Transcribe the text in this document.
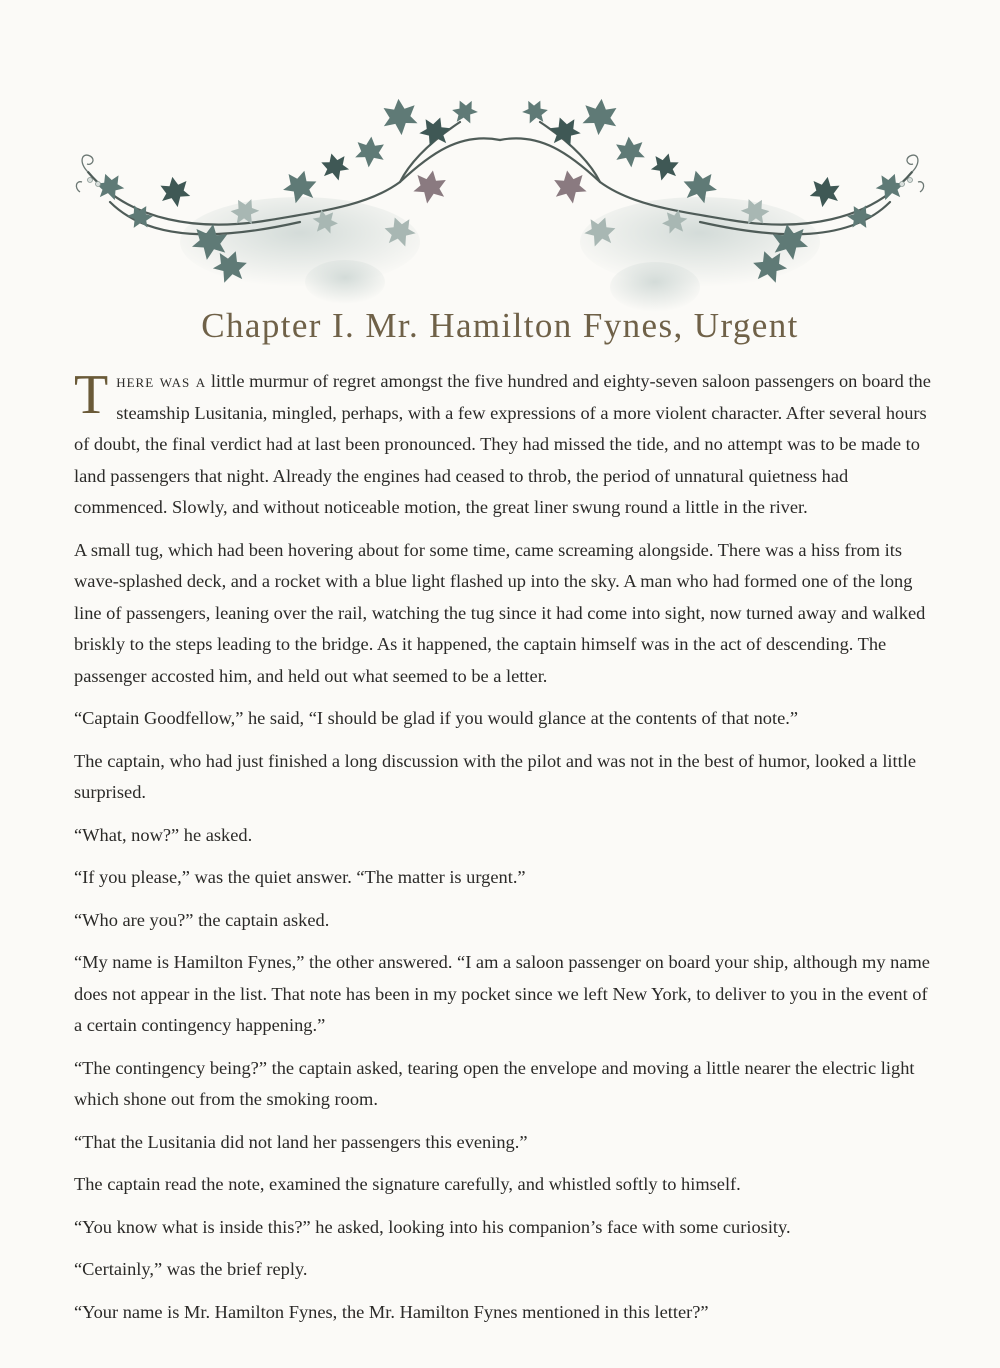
Chapter I. Mr. Hamilton Fynes, Urgent

There was a little murmur of regret amongst the five hundred and eighty-seven saloon passengers on board the steamship Lusitania, mingled, perhaps, with a few expressions of a more violent character. After several hours of doubt, the final verdict had at last been pronounced. They had missed the tide, and no attempt was to be made to land passengers that night. Already the engines had ceased to throb, the period of unnatural quietness had commenced. Slowly, and without noticeable motion, the great liner swung round a little in the river.

A small tug, which had been hovering about for some time, came screaming alongside. There was a hiss from its wave-splashed deck, and a rocket with a blue light flashed up into the sky. A man who had formed one of the long line of passengers, leaning over the rail, watching the tug since it had come into sight, now turned away and walked briskly to the steps leading to the bridge. As it happened, the captain himself was in the act of descending. The passenger accosted him, and held out what seemed to be a letter.

“Captain Goodfellow,” he said, “I should be glad if you would glance at the contents of that note.”

The captain, who had just finished a long discussion with the pilot and was not in the best of humor, looked a little surprised.

“What, now?” he asked.

“If you please,” was the quiet answer. “The matter is urgent.”

“Who are you?” the captain asked.

“My name is Hamilton Fynes,” the other answered. “I am a saloon passenger on board your ship, although my name does not appear in the list. That note has been in my pocket since we left New York, to deliver to you in the event of a certain contingency happening.”

“The contingency being?” the captain asked, tearing open the envelope and moving a little nearer the electric light which shone out from the smoking room.

“That the Lusitania did not land her passengers this evening.”

The captain read the note, examined the signature carefully, and whistled softly to himself.

“You know what is inside this?” he asked, looking into his companion’s face with some curiosity.

“Certainly,” was the brief reply.

“Your name is Mr. Hamilton Fynes, the Mr. Hamilton Fynes mentioned in this letter?”
